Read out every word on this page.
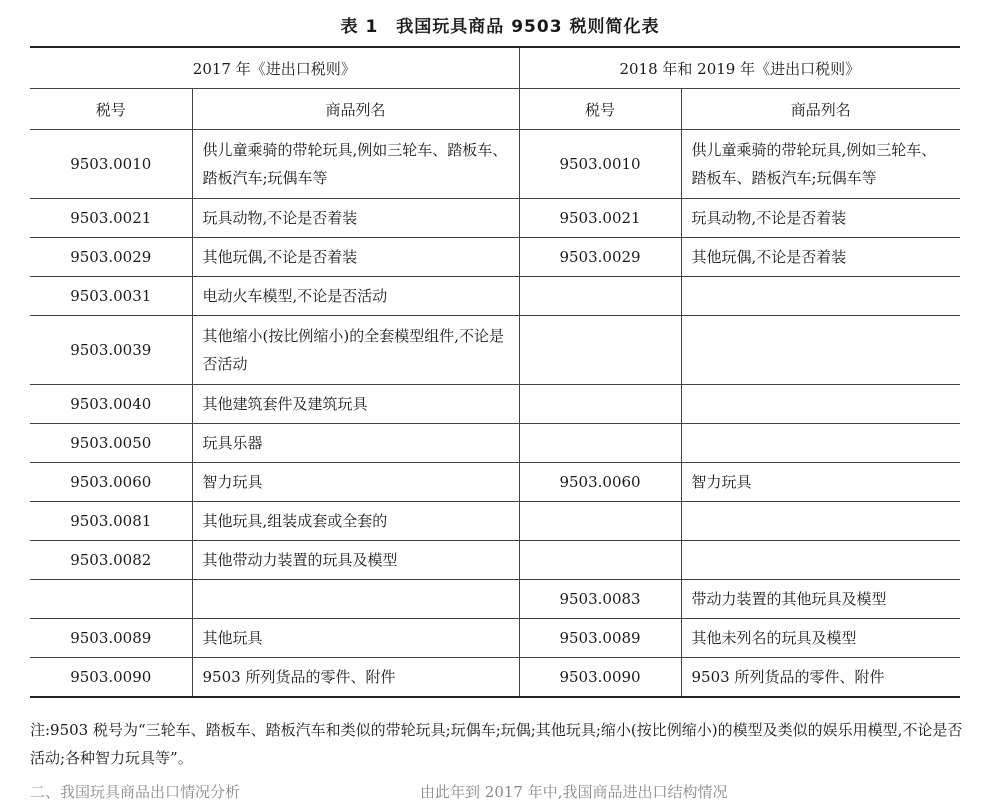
表 1　我国玩具商品 9503 税则简化表
2017 年《进出口税则》		2018 年和 2019 年《进出口税则》	
税号	商品列名	税号	商品列名
9503.0010	供儿童乘骑的带轮玩具,例如三轮车、踏板车、踏板汽车;玩偶车等	9503.0010	供儿童乘骑的带轮玩具,例如三轮车、踏板车、踏板汽车;玩偶车等
9503.0021	玩具动物,不论是否着装	9503.0021	玩具动物,不论是否着装
9503.0029	其他玩偶,不论是否着装	9503.0029	其他玩偶,不论是否着装
9503.0031	电动火车模型,不论是否活动		
9503.0039	其他缩小(按比例缩小)的全套模型组件,不论是否活动		
9503.0040	其他建筑套件及建筑玩具		
9503.0050	玩具乐器		
9503.0060	智力玩具	9503.0060	智力玩具
9503.0081	其他玩具,组装成套或全套的		
9503.0082	其他带动力装置的玩具及模型		
		9503.0083	带动力装置的其他玩具及模型
9503.0089	其他玩具	9503.0089	其他未列名的玩具及模型
9503.0090	9503 所列货品的零件、附件	9503.0090	9503 所列货品的零件、附件
注:9503 税号为“三轮车、踏板车、踏板汽车和类似的带轮玩具;玩偶车;玩偶;其他玩具;缩小(按比例缩小)的模型及类似的娱乐用模型,不论是否活动;各种智力玩具等”。
二、我国玩具商品出口情况分析　　　　　　　　　　　　由此年到 2017 年中,我国商品进出口结构情况
